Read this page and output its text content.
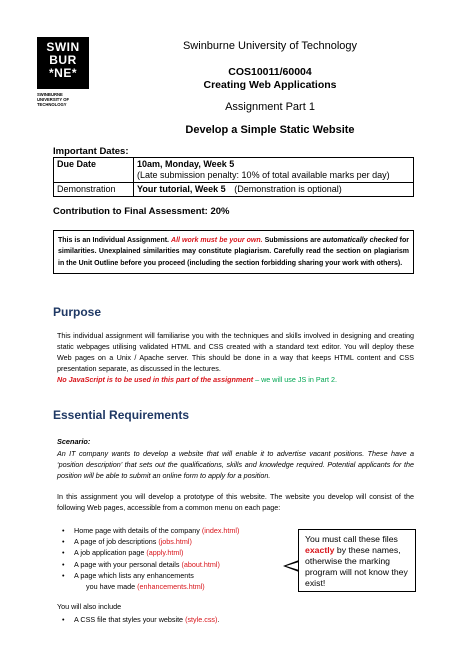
SWIN
BUR
*NE*
SWINBURNE
UNIVERSITY OF
TECHNOLOGY
Swinburne University of Technology
COS10011/60004
Creating Web Applications
Assignment Part 1
Develop a Simple Static Website
Important Dates:
Due Date	10am, Monday, Week 5
(Late submission penalty: 10% of total available marks per day)

Demonstration	Your tutorial, Week 5 (Demonstration is optional)
Contribution to Final Assessment: 20%
This is an Individual Assignment. All work must be your own. Submissions are automatically checked for similarities. Unexplained similarities may constitute plagiarism. Carefully read the section on plagiarism in the Unit Outline before you proceed (including the section forbidding sharing your work with others).
Purpose
This individual assignment will familiarise you with the techniques and skills involved in designing and creating static webpages utilising validated HTML and CSS created with a standard text editor. You will deploy these Web pages on a Unix / Apache server. This should be done in a way that keeps HTML content and CSS presentation separate, as discussed in the lectures.
No JavaScript is to be used in this part of the assignment – we will use JS in Part 2.
Essential Requirements
Scenario:
An IT company wants to develop a website that will enable it to advertise vacant positions. These have a ‘position description’ that sets out the qualifications, skills and knowledge required. Potential applicants for the position will be able to submit an online form to apply for a position.
In this assignment you will develop a prototype of this website. The website you develop will consist of the following Web pages, accessible from a common menu on each page:
• Home page with details of the company (index.html)
• A page of job descriptions (jobs.html)
• A job application page (apply.html)
• A page with your personal details (about.html)
• A page which lists any enhancements
you have made (enhancements.html)
You must call these files exactly by these names, otherwise the marking program will not know they exist!
You will also include
• A CSS file that styles your website (style.css).
